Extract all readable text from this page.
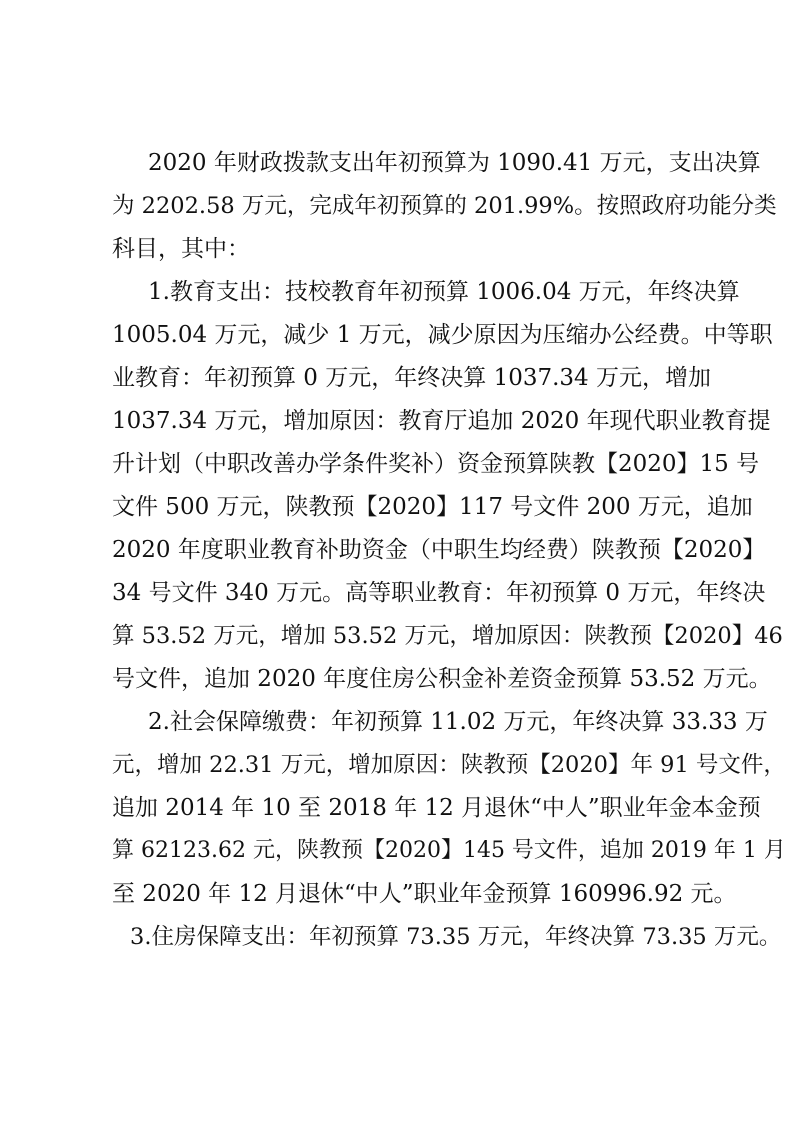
2020 年财政拨款支出年初预算为 1090.41 万元，支出决算
为 2202.58 万元，完成年初预算的 201.99%。按照政府功能分类
科目，其中：
1.教育支出：技校教育年初预算 1006.04 万元，年终决算
1005.04 万元，减少 1 万元，减少原因为压缩办公经费。中等职
业教育：年初预算 0 万元，年终决算 1037.34 万元，增加
1037.34 万元，增加原因：教育厅追加 2020 年现代职业教育提
升计划（中职改善办学条件奖补）资金预算陕教【2020】15 号
文件 500 万元，陕教预【2020】117 号文件 200 万元，追加
2020 年度职业教育补助资金（中职生均经费）陕教预【2020】
34 号文件 340 万元。高等职业教育：年初预算 0 万元，年终决
算 53.52 万元，增加 53.52 万元，增加原因：陕教预【2020】46
号文件，追加 2020 年度住房公积金补差资金预算 53.52 万元。
2.社会保障缴费：年初预算 11.02 万元，年终决算 33.33 万
元，增加 22.31 万元，增加原因：陕教预【2020】年 91 号文件，
追加 2014 年 10 至 2018 年 12 月退休“中人”职业年金本金预
算 62123.62 元，陕教预【2020】145 号文件，追加 2019 年 1 月
至 2020 年 12 月退休“中人”职业年金预算 160996.92 元。
3.住房保障支出：年初预算 73.35 万元，年终决算 73.35 万元。
